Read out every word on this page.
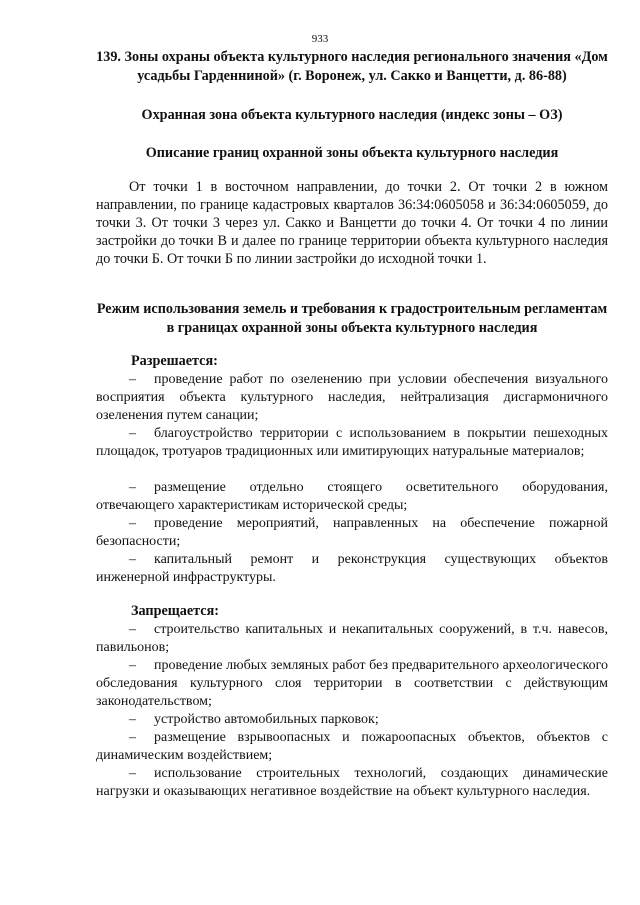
933
139. Зоны охраны объекта культурного наследия регионального значения «Дом усадьбы Гарденниной» (г. Воронеж, ул. Сакко и Ванцетти, д. 86-88)
Охранная зона объекта культурного наследия (индекс зоны – ОЗ)
Описание границ охранной зоны объекта культурного наследия

От точки 1 в восточном направлении, до точки 2. От точки 2 в южном направлении, по границе кадастровых кварталов 36:34:0605058 и 36:34:0605059, до точки 3. От точки 3 через ул. Сакко и Ванцетти до точки 4. От точки 4 по линии застройки до точки В и далее по границе территории объекта культурного наследия до точки Б. От точки Б по линии застройки до исходной точки 1.

Режим использования земель и требования к градостроительным регламентам в границах охранной зоны объекта культурного наследия
Разрешается:

– проведение работ по озеленению при условии обеспечения визуального восприятия объекта культурного наследия, нейтрализация дисгармоничного озеленения путем санации;

– благоустройство территории с использованием в покрытии пешеходных площадок, тротуаров традиционных или имитирующих натуральные материалов;

– размещение отдельно стоящего осветительного оборудования, отвечающего характеристикам исторической среды;

– проведение мероприятий, направленных на обеспечение пожарной безопасности;

– капитальный ремонт и реконструкция существующих объектов инженерной инфраструктуры.

Запрещается:

– строительство капитальных и некапитальных сооружений, в т.ч. навесов, павильонов;

– проведение любых земляных работ без предварительного археологического обследования культурного слоя территории в соответствии с действующим законодательством;

– устройство автомобильных парковок;

– размещение взрывоопасных и пожароопасных объектов, объектов с динамическим воздействием;

– использование строительных технологий, создающих динамические нагрузки и оказывающих негативное воздействие на объект культурного наследия.
